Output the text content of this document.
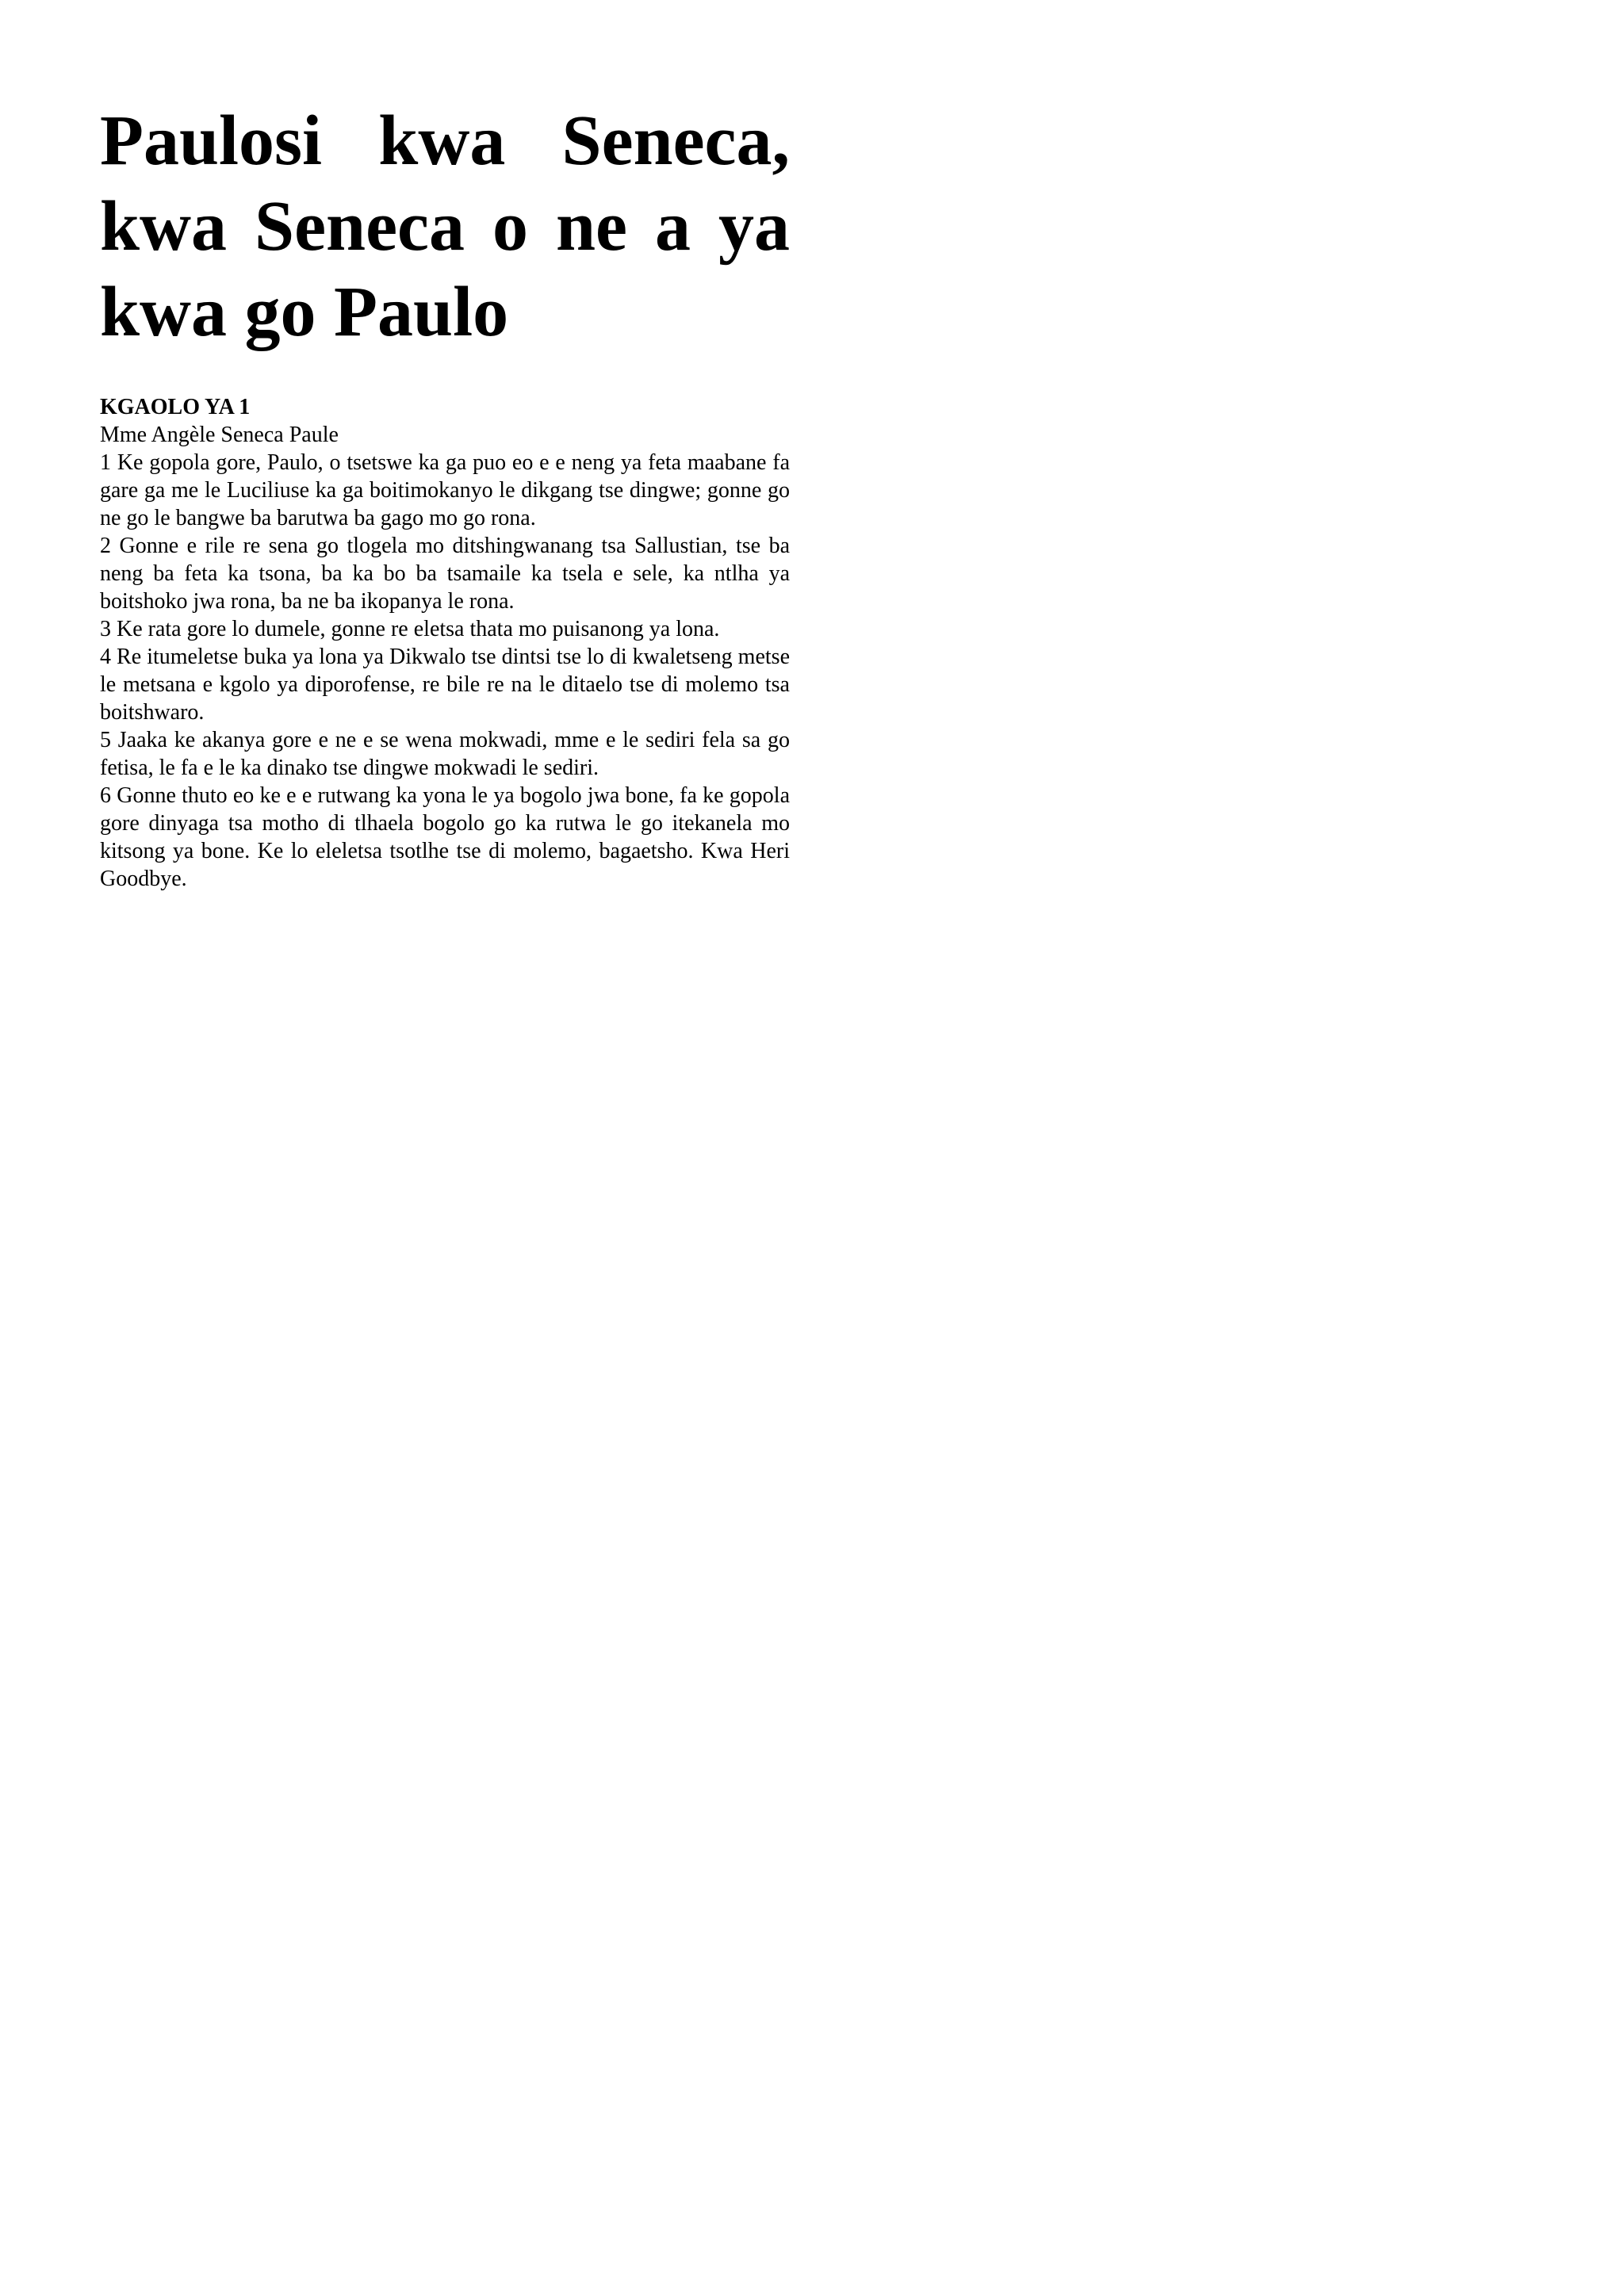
Paulosi kwa Seneca, kwa Seneca o ne a ya kwa go Paulo
KGAOLO YA 1
Mme Angèle Seneca Paule
1 Ke gopola gore, Paulo, o tsetswe ka ga puo eo e e neng ya feta maabane fa gare ga me le Luciliuse ka ga boitimokanyo le dikgang tse dingwe; gonne go ne go le bangwe ba barutwa ba gago mo go rona.
2 Gonne e rile re sena go tlogela mo ditshingwanang tsa Sallustian, tse ba neng ba feta ka tsona, ba ka bo ba tsamaile ka tsela e sele, ka ntlha ya boitshoko jwa rona, ba ne ba ikopanya le rona.
3 Ke rata gore lo dumele, gonne re eletsa thata mo puisanong ya lona.
4 Re itumeletse buka ya lona ya Dikwalo tse dintsi tse lo di kwaletseng metse le metsana e kgolo ya diporofense, re bile re na le ditaelo tse di molemo tsa boitshwaro.
5 Jaaka ke akanya gore e ne e se wena mokwadi, mme e le sediri fela sa go fetisa, le fa e le ka dinako tse dingwe mokwadi le sediri.
6 Gonne thuto eo ke e e rutwang ka yona le ya bogolo jwa bone, fa ke gopola gore dinyaga tsa motho di tlhaela bogolo go ka rutwa le go itekanela mo kitsong ya bone. Ke lo eleletsa tsotlhe tse di molemo, bagaetsho. Kwa Heri Goodbye.
